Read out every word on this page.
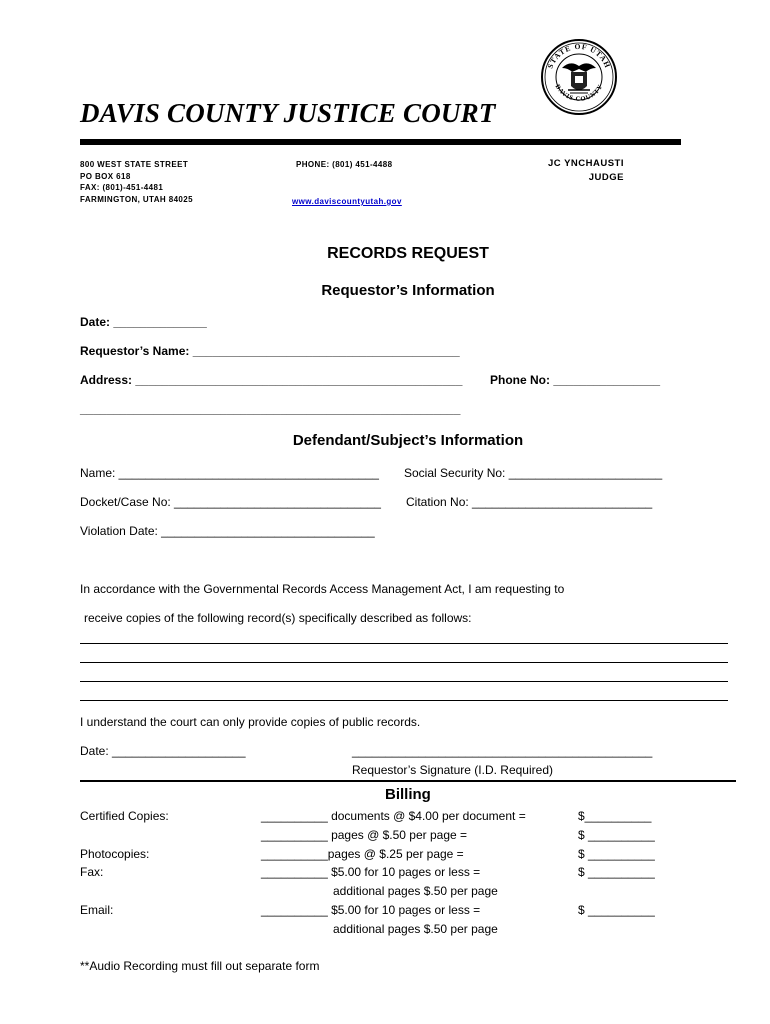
STATE OF UTAH
DAVIS COUNTY
DAVIS COUNTY JUSTICE COURT
800 WEST STATE STREET
PO BOX 618
FAX: (801)-451-4481
FARMINGTON, UTAH 84025
PHONE: (801) 451-4488
www.daviscountyutah.gov
JC YNCHAUSTI
JUDGE
RECORDS REQUEST
Requestor’s Information
Date: ______________
Requestor’s Name: ________________________________________
Address: _________________________________________________ Phone No: ________________
_________________________________________________________
Defendant/Subject’s Information
Name: _______________________________________ Social Security No: _______________________
Docket/Case No: _______________________________ Citation No: ___________________________
Violation Date: ________________________________
In accordance with the Governmental Records Access Management Act, I am requesting to
receive copies of the following record(s) specifically described as follows:
I understand the court can only provide copies of public records.
Date: ____________________	_____________________________________________
Requestor’s Signature (I.D. Required)
Billing
Certified Copies:	__________ documents @ $4.00 per document =	$__________
__________ pages @ $.50 per page =	$ __________
Photocopies:	__________pages @ $.25 per page =	$ __________
Fax:	__________ $5.00 for 10 pages or less =	$ __________
additional pages $.50 per page
Email:	__________ $5.00 for 10 pages or less =	$ __________
additional pages $.50 per page
**Audio Recording must fill out separate form
